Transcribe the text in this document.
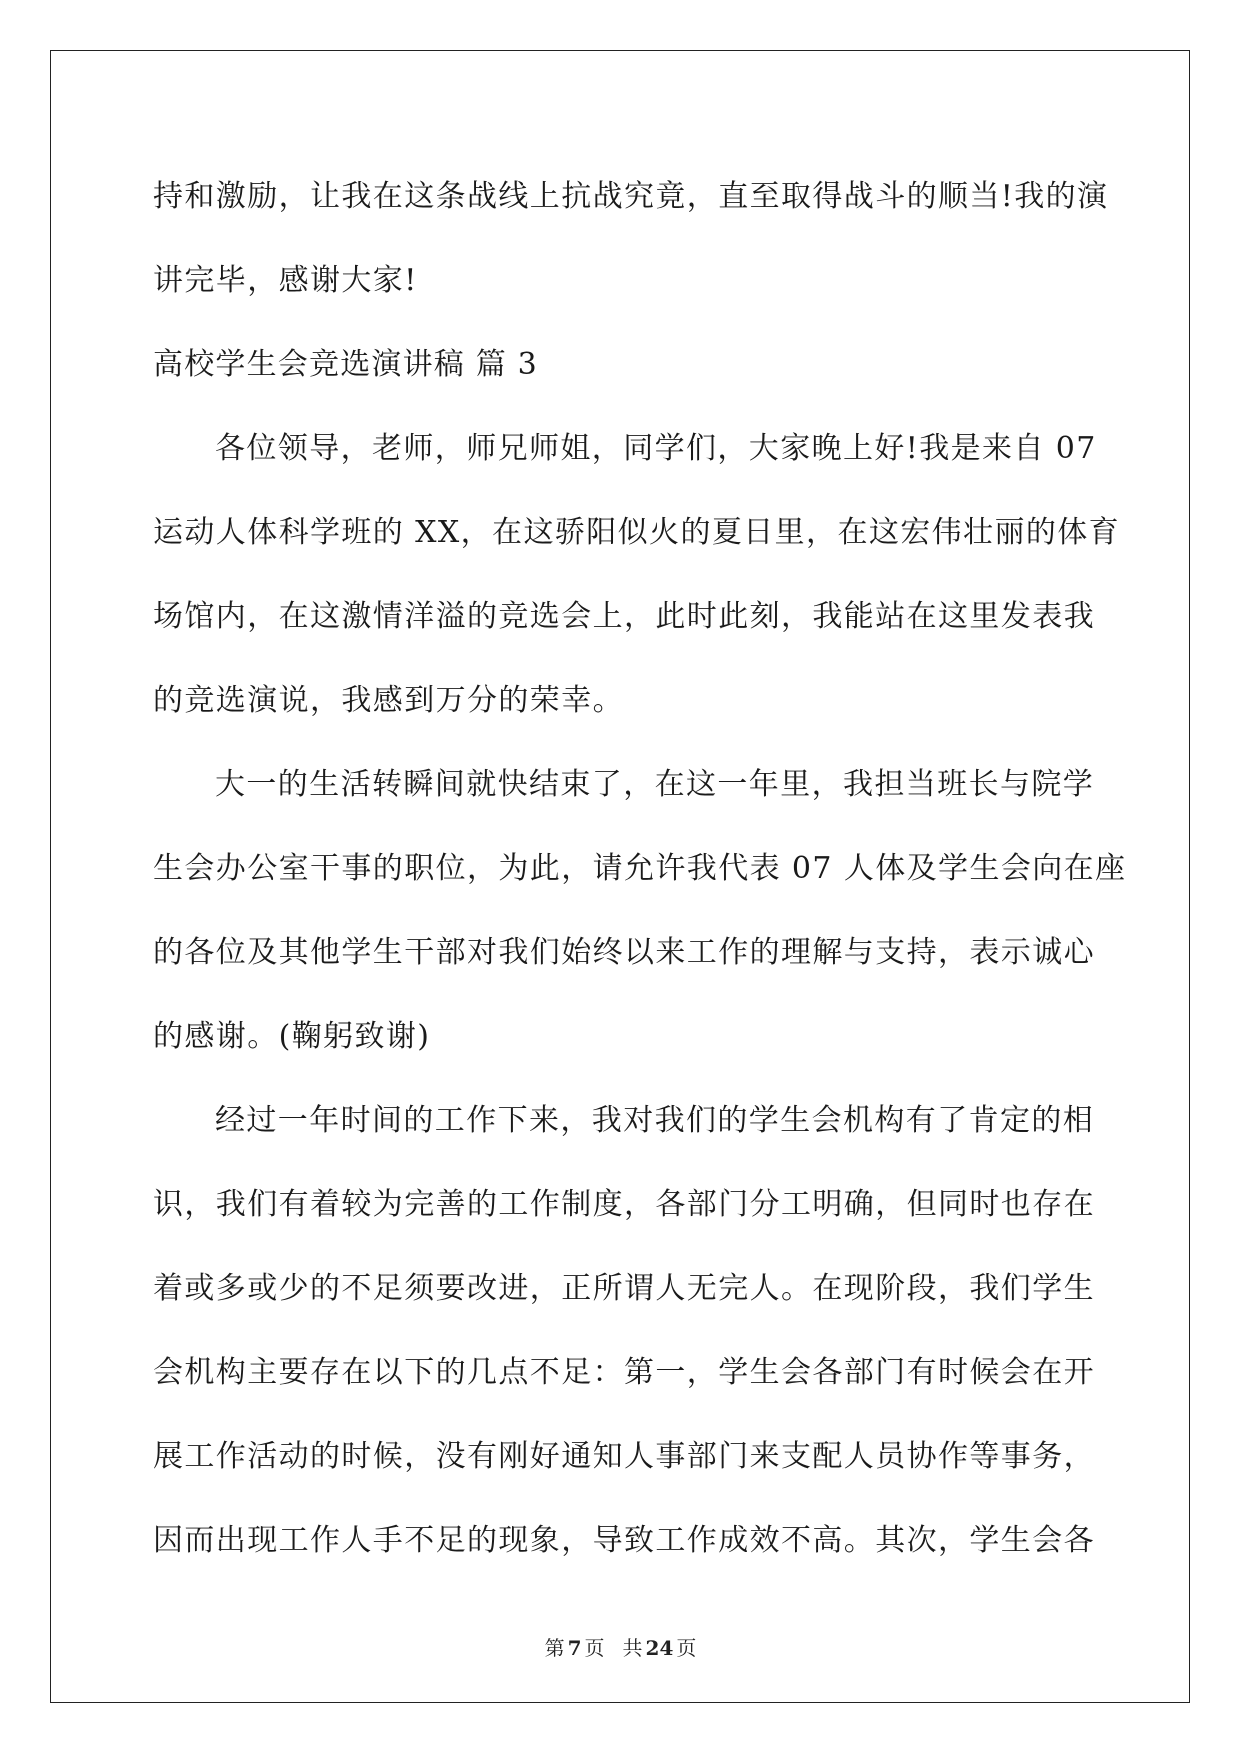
持和激励，让我在这条战线上抗战究竟，直至取得战斗的顺当!我的演
讲完毕，感谢大家!
高校学生会竞选演讲稿 篇 3
各位领导，老师，师兄师姐，同学们，大家晚上好!我是来自 07
运动人体科学班的 XX，在这骄阳似火的夏日里，在这宏伟壮丽的体育
场馆内，在这激情洋溢的竞选会上，此时此刻，我能站在这里发表我
的竞选演说，我感到万分的荣幸。
大一的生活转瞬间就快结束了，在这一年里，我担当班长与院学
生会办公室干事的职位，为此，请允许我代表 07 人体及学生会向在座
的各位及其他学生干部对我们始终以来工作的理解与支持，表示诚心
的感谢。(鞠躬致谢)
经过一年时间的工作下来，我对我们的学生会机构有了肯定的相
识，我们有着较为完善的工作制度，各部门分工明确，但同时也存在
着或多或少的不足须要改进，正所谓人无完人。在现阶段，我们学生
会机构主要存在以下的几点不足：第一，学生会各部门有时候会在开
展工作活动的时候，没有刚好通知人事部门来支配人员协作等事务，
因而出现工作人手不足的现象，导致工作成效不高。其次，学生会各
第 7 页 共 24 页
